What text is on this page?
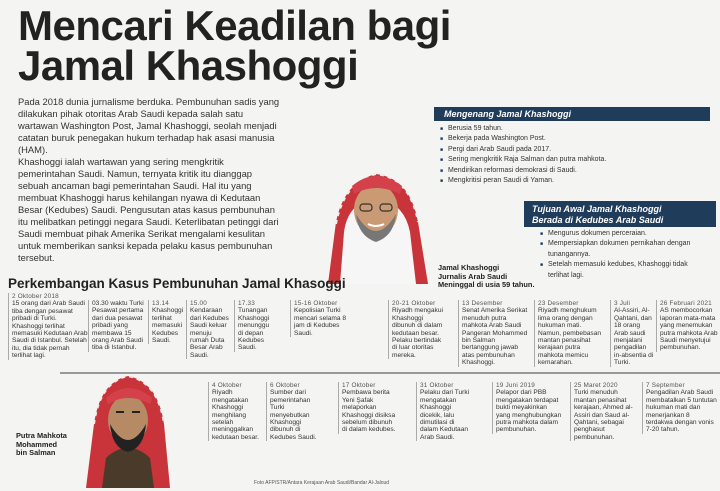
Mencari Keadilan bagi
Jamal Khashoggi

Pada 2018 dunia jurnalisme berduka. Pembunuhan sadis yang dilakukan pihak otoritas Arab Saudi kepada salah satu wartawan Washington Post, Jamal Khashoggi, seolah menjadi catatan buruk penegakan hukum terhadap hak asasi manusia (HAM).

Khashoggi ialah wartawan yang sering mengkritik pemerintahan Saudi. Namun, ternyata kritik itu dianggap sebuah ancaman bagi pemerintahan Saudi. Hal itu yang membuat Khashoggi harus kehilangan nyawa di Kedutaan Besar (Kedubes) Saudi. Pengusutan atas kasus pembunuhan itu melibatkan petinggi negara Saudi. Keterlibatan petinggi dari Saudi membuat pihak Amerika Serikat mengalami kesulitan untuk memberikan sanksi kepada pelaku kasus pembunuhan tersebut.

Jamal Khashoggi
Jurnalis Arab Saudi
Meninggal di usia 59 tahun.
Mengenang Jamal Khashoggi
■ Berusia 59 tahun.
■ Bekerja pada Washington Post.
■ Pergi dari Arab Saudi pada 2017.
■ Sering mengkritik Raja Salman dan putra mahkota.
■ Mendirikan reformasi demokrasi di Saudi.
■ Mengkritisi peran Saudi di Yaman.
Tujuan Awal Jamal Khashoggi
Berada di Kedubes Arab Saudi
■ Mengurus dokumen perceraian.
■ Mempersiapkan dokumen pernikahan dengan tunangannya.
■ Setelah memasuki kedubes, Khashoggi tidak terlihat lagi.
Perkembangan Kasus Pembunuhan Jamal Khasoggi
2 Oktober 2018
15 orang dari Arab Saudi tiba dengan pesawat pribadi di Turki. Khashoggi terlihat memasuki Kedutaan Arab Saudi di Istanbul. Setelah itu, dia tidak pernah terlihat lagi.
03.30 waktu Turki Pesawat pertama dari dua pesawat pribadi yang membawa 15 orang Arab Saudi tiba di Istanbul.
13.14
Khashoggi terlihat memasuki Kedubes Saudi.
15.00
Kendaraan dari Kedubes Saudi keluar menuju rumah Duta Besar Arab Saudi.
17.33
Tunangan Khashoggi menunggu di depan Kedubes Saudi.
15-16 Oktober
Kepolisian Turki mencari selama 8 jam di Kedubes Saudi.
20-21 Oktober
Riyadh mengakui Khashoggi dibunuh di dalam kedutaan besar. Pelaku bertindak di luar otoritas mereka.
13 Desember
Senat Amerika Serikat menuduh putra mahkota Arab Saudi Pangeran Mohammed bin Salman bertanggung jawab atas pembunuhan Khashoggi.
23 Desember
Riyadh menghukum lima orang dengan hukuman mati. Namun, pembebasan mantan penasihat kerajaan putra mahkota memicu kemarahan.
3 Juli
Al-Assiri, Al-Qahtani, dan 18 orang Arab saudi menjalani pengadilan in-absentia di Turki.
26 Februari 2021
AS membocorkan laporan mata-mata yang menemukan putra mahkota Arab Saudi menyetujui pembunuhan.
4 Oktober
Riyadh mengatakan Khashoggi menghilang setelah meninggalkan kedutaan besar.
6 Oktober
Sumber dari pemerintahan Turki menyebutkan Khashoggi dibunuh di Kedubes Saudi.
17 Oktober
Pembawa berita Yeni Şafak melaporkan Khashoggi disiksa sebelum dibunuh di dalam kedubes.
31 Oktober
Pelaku dari Turki mengatakan Khashoggi dicekik, lalu dimutilasi di dalam Kedutaan Arab Saudi.
19 Juni 2019
Pelapor dari PBB mengatakan terdapat bukti meyakinkan yang menghubungkan putra mahkota dalam pembunuhan.
25 Maret 2020
Turki menuduh mantan penasihat kerajaan, Ahmed al-Assiri dan Saud al-Qahtani, sebagai penghasut pembunuhan.
7 September
Pengadilan Arab Saudi membatalkan 5 tuntutan hukuman mati dan menerjankan 8 terdakwa dengan vonis 7-20 tahun.
Putra Mahkota
Mohammed
bin Salman
Foto AFP/STR/Antara Kerajaan Arab Saudi/Bandar Al-Jaloud
